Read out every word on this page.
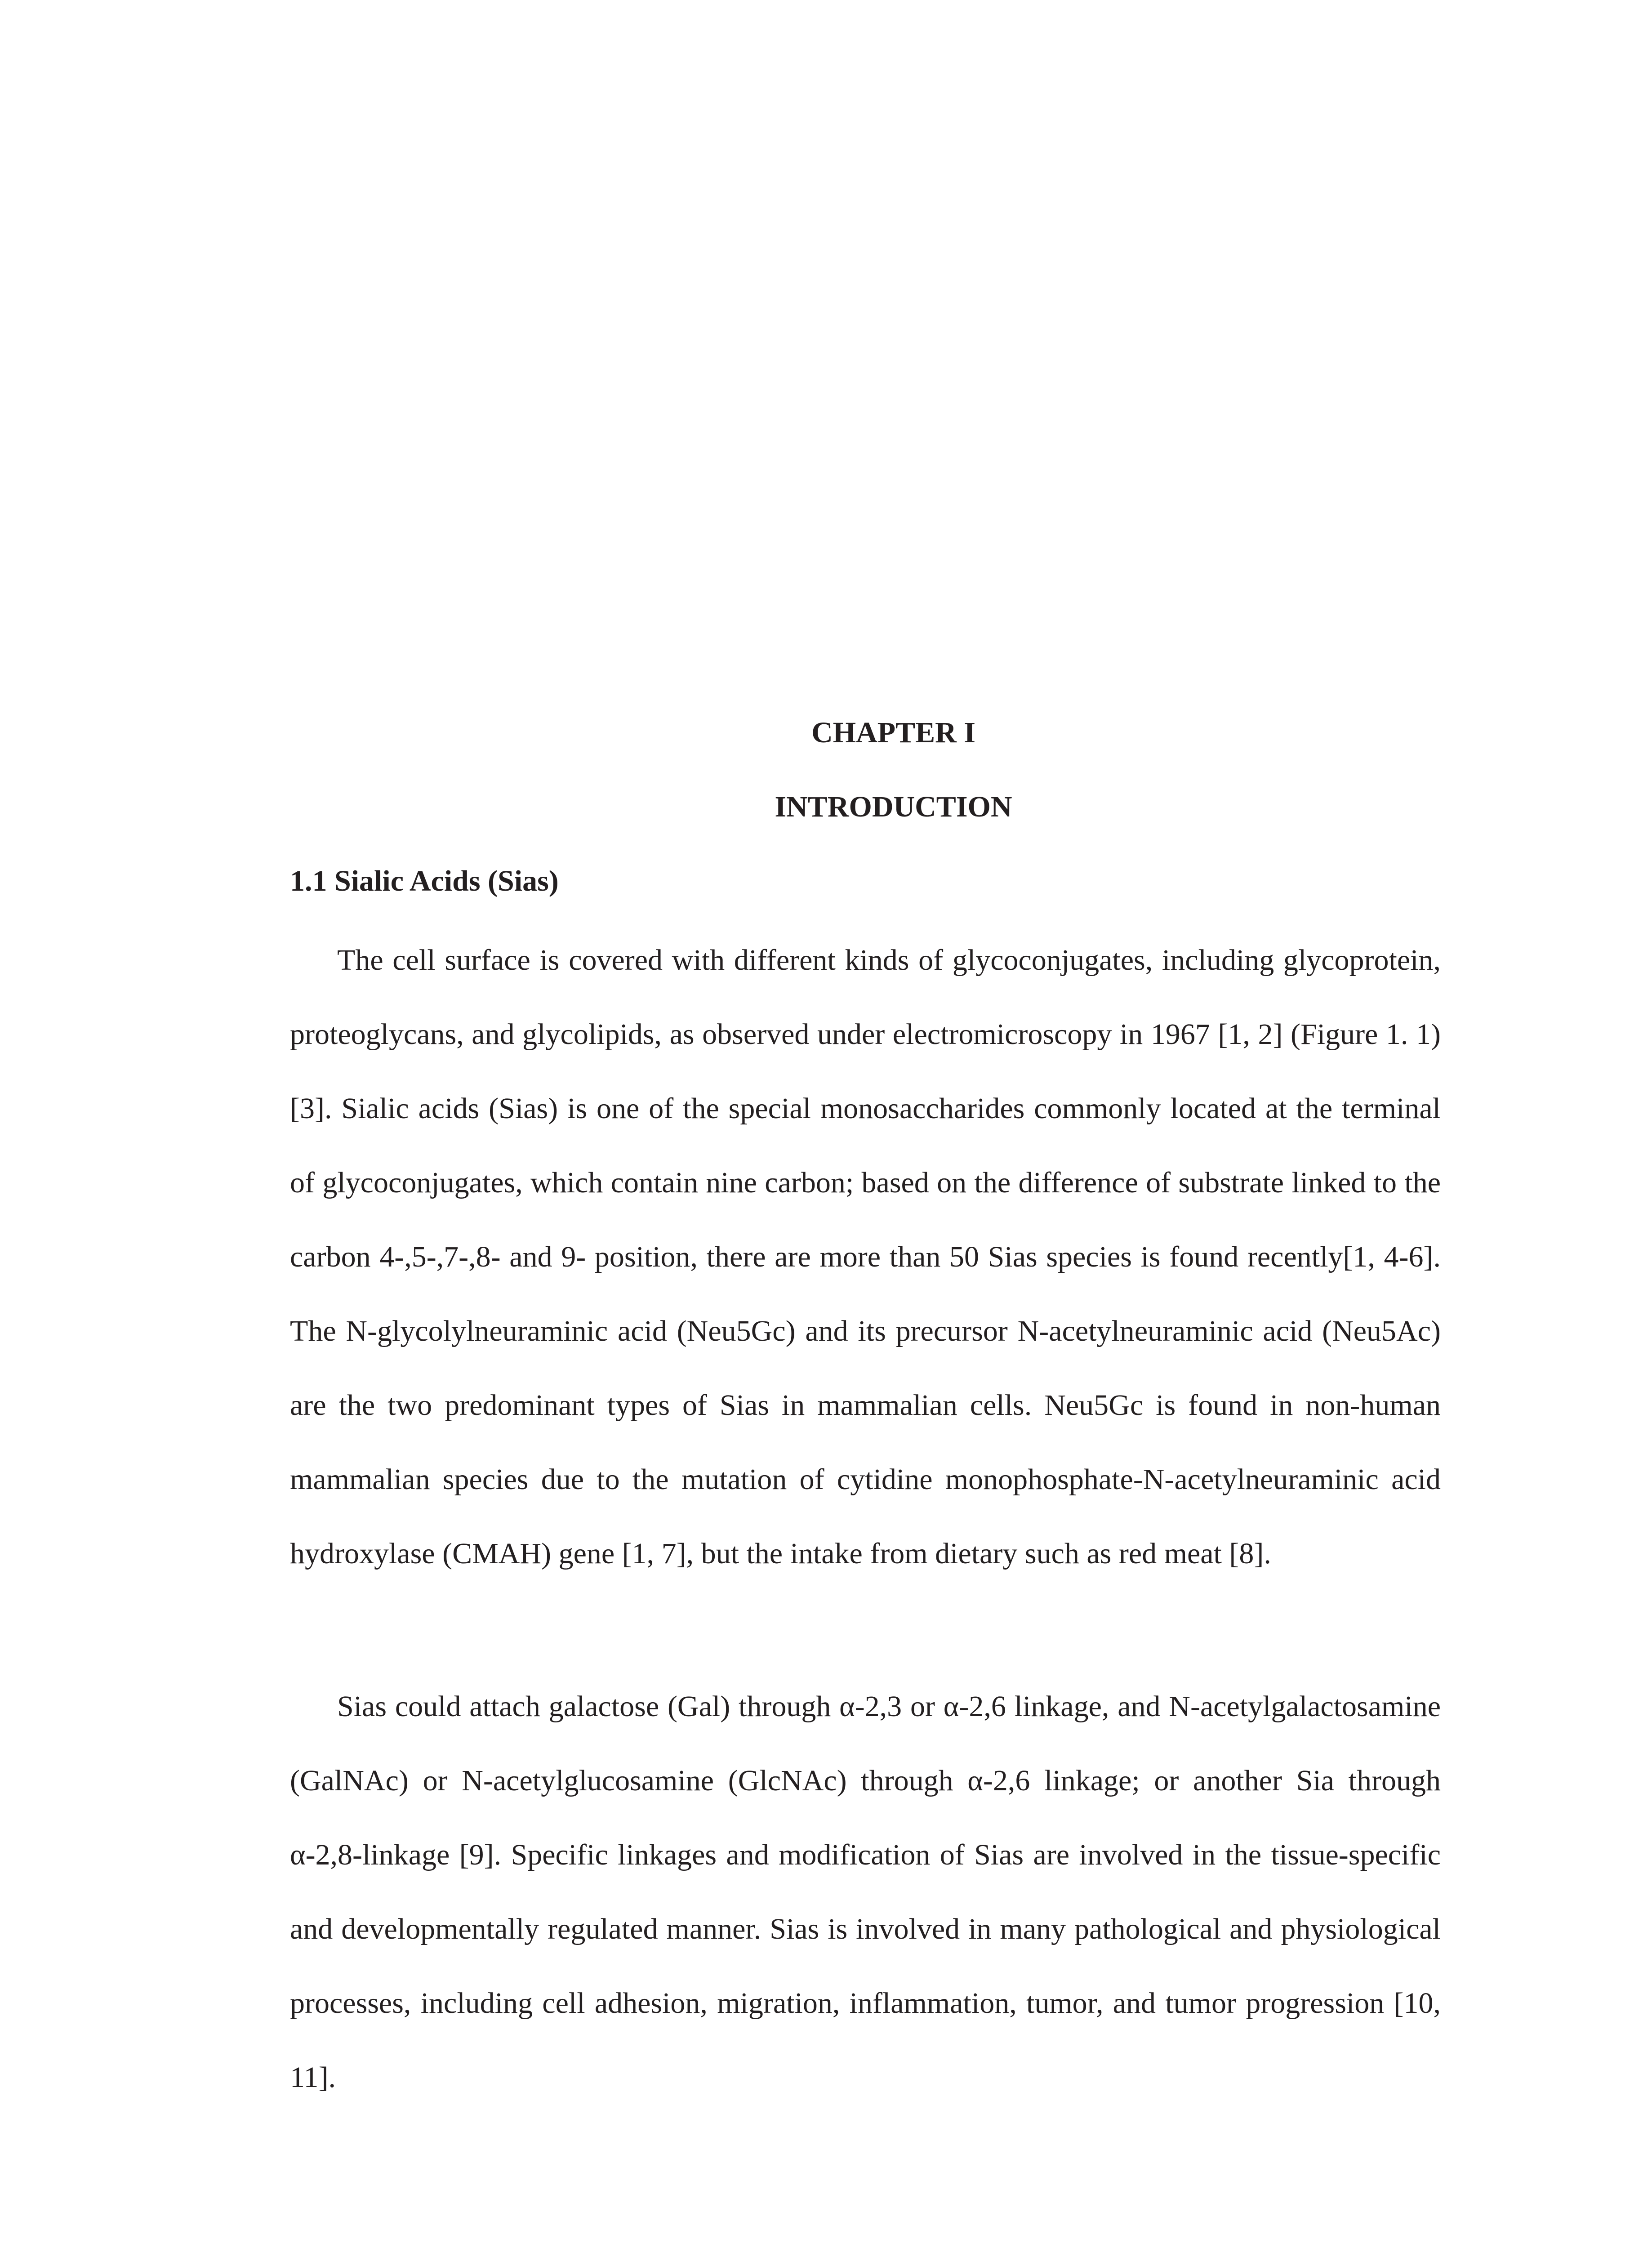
CHAPTER I
INTRODUCTION
1.1 Sialic Acids (Sias)

The cell surface is covered with different kinds of glycoconjugates, including glycoprotein, proteoglycans, and glycolipids, as observed under electromicroscopy in 1967 [1, 2] (Figure 1. 1) [3]. Sialic acids (Sias) is one of the special monosaccharides commonly located at the terminal of glycoconjugates, which contain nine carbon; based on the difference of substrate linked to the carbon 4-,5-,7-,8- and 9- position, there are more than 50 Sias species is found recently[1, 4-6]. The N-glycolylneuraminic acid (Neu5Gc) and its precursor N-acetylneuraminic acid (Neu5Ac) are the two predominant types of Sias in mammalian cells. Neu5Gc is found in non-human mammalian species due to the mutation of cytidine monophosphate-N-acetylneuraminic acid hydroxylase (CMAH) gene [1, 7], but the intake from dietary such as red meat [8].

Sias could attach galactose (Gal) through α-2,3 or α-2,6 linkage, and N-acetylgalactosamine (GalNAc) or N-acetylglucosamine (GlcNAc) through α-2,6 linkage; or another Sia through α-2,8-linkage [9]. Specific linkages and modification of Sias are involved in the tissue-specific and developmentally regulated manner. Sias is involved in many pathological and physiological processes, including cell adhesion, migration, inflammation, tumor, and tumor progression [10, 11].
